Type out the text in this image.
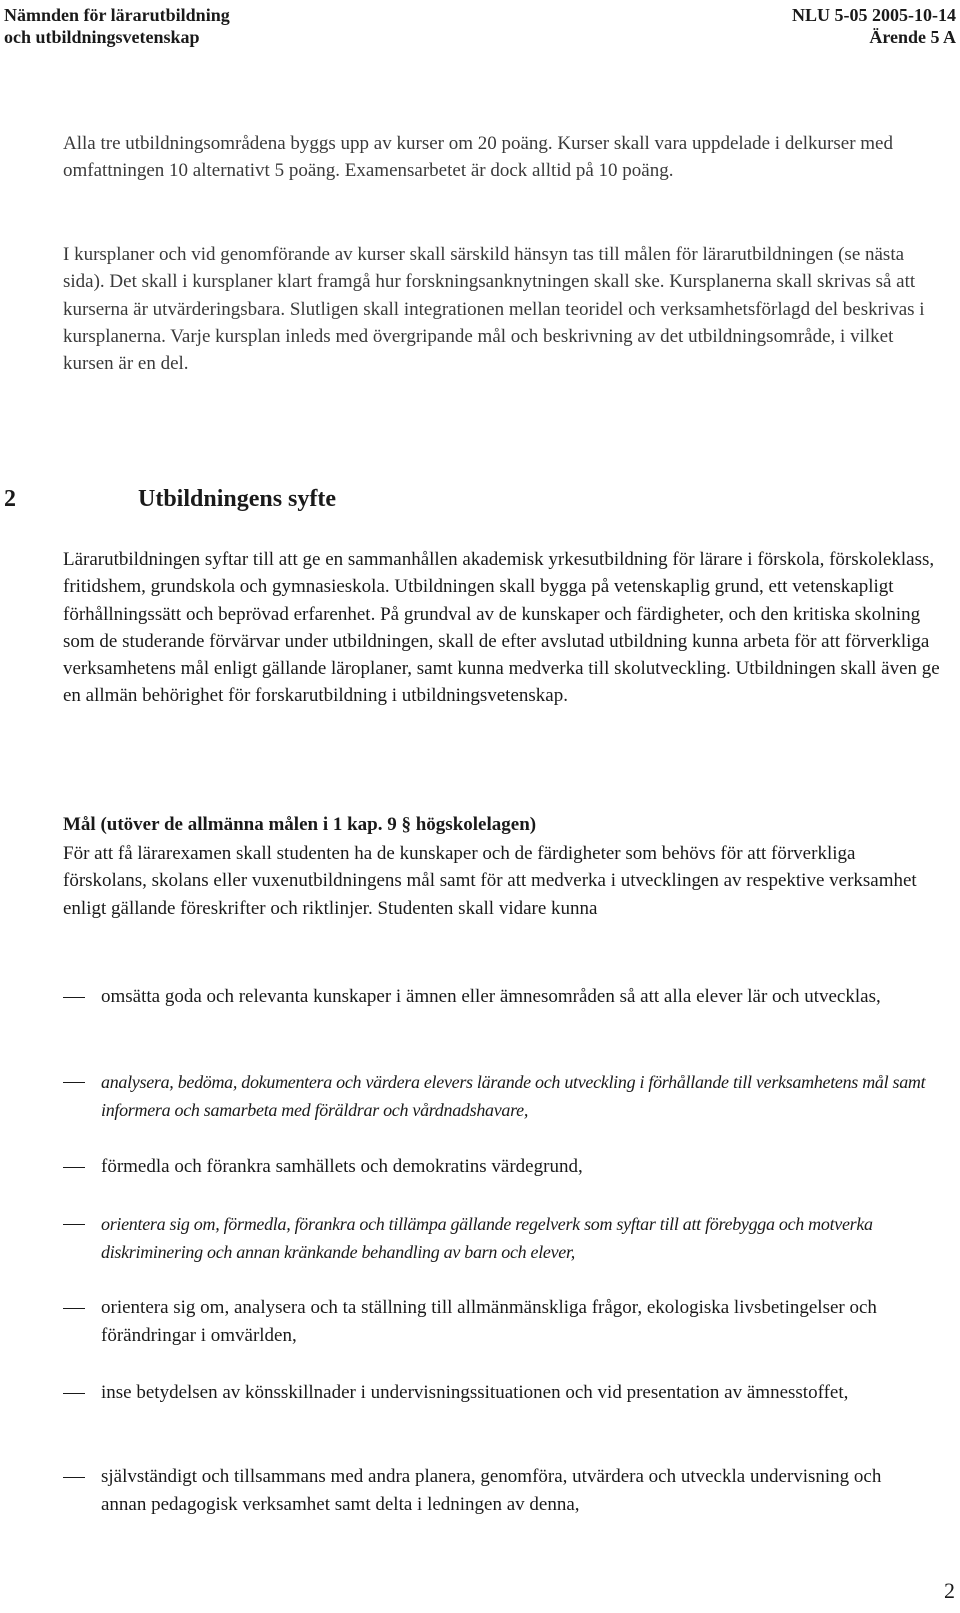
Nämnden för lärarutbildning
och utbildningsvetenskap
NLU 5-05 2005-10-14
Ärende 5 A

Alla tre utbildningsområdena byggs upp av kurser om 20 poäng. Kurser skall vara uppdelade i delkurser med omfattningen 10 alternativt 5 poäng. Examensarbetet är dock alltid på 10 poäng.

I kursplaner och vid genomförande av kurser skall särskild hänsyn tas till målen för lärarutbildningen (se nästa sida). Det skall i kursplaner klart framgå hur forskningsanknytningen skall ske. Kursplanerna skall skrivas så att kurserna är utvärderingsbara. Slutligen skall integrationen mellan teoridel och verksamhetsförlagd del beskrivas i kursplanerna. Varje kursplan inleds med övergripande mål och beskrivning av det utbildningsområde, i vilket kursen är en del.

2	Utbildningens syfte

Lärarutbildningen syftar till att ge en sammanhållen akademisk yrkesutbildning för lärare i förskola, förskoleklass, fritidshem, grundskola och gymnasieskola. Utbildningen skall bygga på vetenskaplig grund, ett vetenskapligt förhållningssätt och beprövad erfarenhet. På grundval av de kunskaper och färdigheter, och den kritiska skolning som de studerande förvärvar under utbildningen, skall de efter avslutad utbildning kunna arbeta för att förverkliga verksamhetens mål enligt gällande läroplaner, samt kunna medverka till skolutveckling. Utbildningen skall även ge en allmän behörighet för forskarutbildning i utbildningsvetenskap.

Mål (utöver de allmänna målen i 1 kap. 9 § högskolelagen)

För att få lärarexamen skall studenten ha de kunskaper och de färdigheter som behövs för att förverkliga förskolans, skolans eller vuxenutbildningens mål samt för att medverka i utvecklingen av respektive verksamhet enligt gällande föreskrifter och riktlinjer. Studenten skall vidare kunna

omsätta goda och relevanta kunskaper i ämnen eller ämnesområden så att alla elever lär och utvecklas,
analysera, bedöma, dokumentera och värdera elevers lärande och utveckling i förhållande till verksamhetens mål samt informera och samarbeta med föräldrar och vårdnadshavare,
förmedla och förankra samhällets och demokratins värdegrund,
orientera sig om, förmedla, förankra och tillämpa gällande regelverk som syftar till att förebygga och motverka diskriminering och annan kränkande behandling av barn och elever,
orientera sig om, analysera och ta ställning till allmänmänskliga frågor, ekologiska livsbetingelser och förändringar i omvärlden,
inse betydelsen av könsskillnader i undervisningssituationen och vid presentation av ämnesstoffet,
självständigt och tillsammans med andra planera, genomföra, utvärdera och utveckla undervisning och annan pedagogisk verksamhet samt delta i ledningen av denna,
2
